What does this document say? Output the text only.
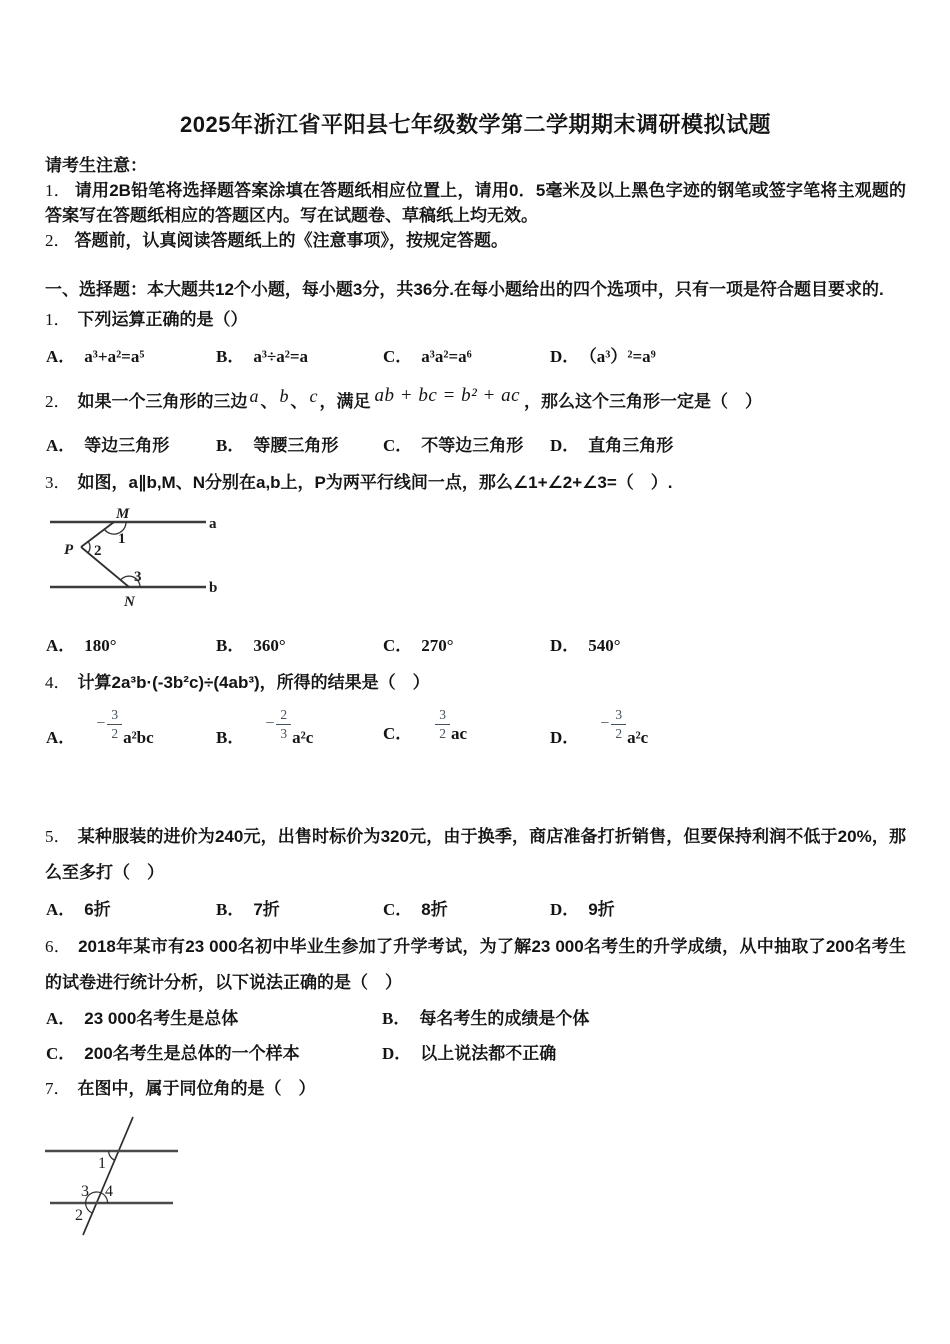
2025年浙江省平阳县七年级数学第二学期期末调研模拟试题

请考生注意：

1． 请用2B铅笔将选择题答案涂填在答题纸相应位置上，请用0．5毫米及以上黑色字迹的钢笔或签字笔将主观题的答案写在答题纸相应的答题区内。写在试题卷、草稿纸上均无效。

2． 答题前，认真阅读答题纸上的《注意事项》，按规定答题。

一、选择题：本大题共12个小题，每小题3分，共36分.在每小题给出的四个选项中，只有一项是符合题目要求的.

1． 下列运算正确的是（）

A． a³+a²=a⁵	B． a³÷a²=a	C． a³a²=a⁶	D． （a³）²=a⁹

2． 如果一个三角形的三边 a 、 b 、 c ，满足 ab + bc = b² + ac ，那么这个三角形一定是（　）

A． 等边三角形	B． 等腰三角形	C． 不等边三角形 D． 直角三角形

3． 如图，a∥b,M、N分别在a,b上，P为两平行线间一点，那么∠1+∠2+∠3=（　）.

M
a
P
1
2
3
b
N
A． 180°	B． 360°	C． 270°	D． 540°

4． 计算2a³b·(-3b²c)÷(4ab³)，所得的结果是（　）

A．
− $\frac{3}{2} a^2bc$	B．
− $\frac{2}{3} a^2c$	C． $\frac{3}{2}$ ac	D．
− $\frac{3}{2} a^2c$

5． 某种服装的进价为240元，出售时标价为320元，由于换季，商店准备打折销售，但要保持利润不低于20%，那么至多打（　）

A． 6折	B． 7折	C． 8折	D． 9折

6． 2018年某市有23 000名初中毕业生参加了升学考试，为了解23 000名考生的升学成绩，从中抽取了200名考生的试卷进行统计分析，以下说法正确的是（　）

A． 23 000名考生是总体	B． 每名考生的成绩是个体
C． 200名考生是总体的一个样本	D． 以上说法都不正确

7． 在图中，属于同位角的是（　）

1
3 4
2
